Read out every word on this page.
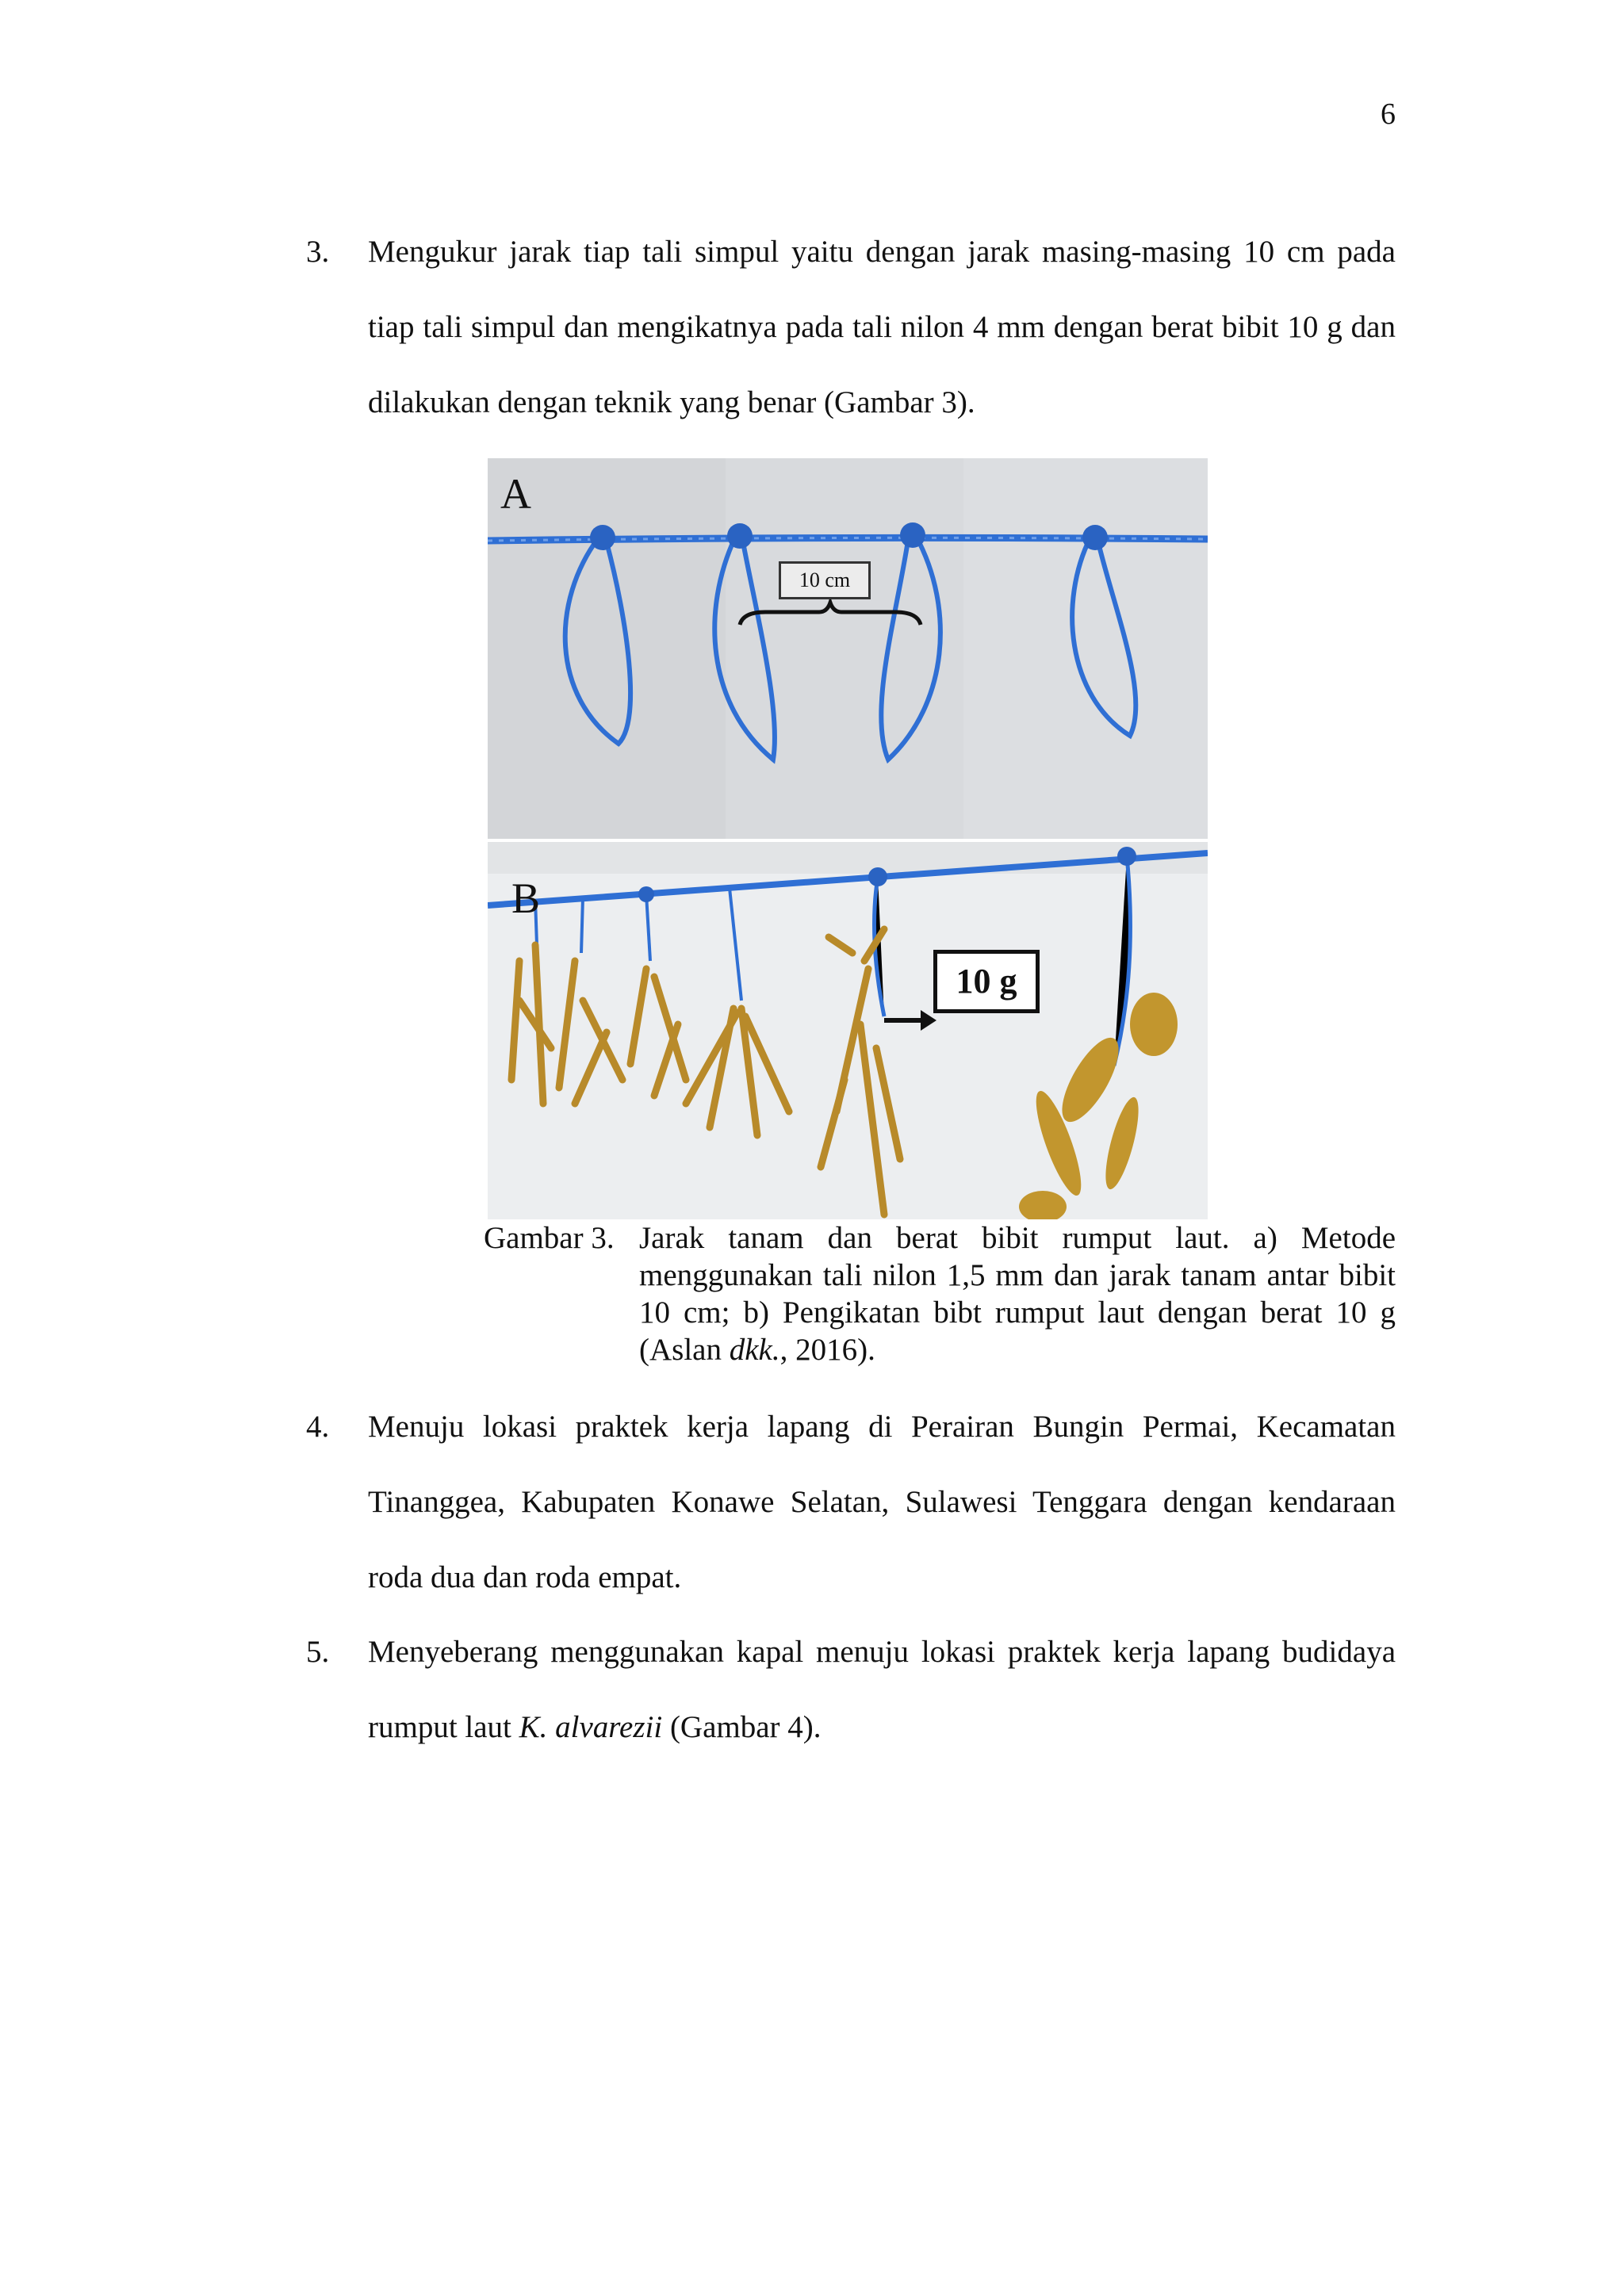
6
3. Mengukur jarak tiap tali simpul yaitu dengan jarak masing-masing 10 cm pada tiap tali simpul dan mengikatnya pada tali nilon 4 mm dengan berat bibit 10 g dan dilakukan dengan teknik yang benar (Gambar 3).
A
10 cm
B
10 g
Gambar 3. Jarak tanam dan berat bibit rumput laut. a) Metode menggunakan tali nilon 1,5 mm dan jarak tanam antar bibit 10 cm; b) Pengikatan bibt rumput laut dengan berat 10 g (Aslan dkk., 2016).
4. Menuju lokasi praktek kerja lapang di Perairan Bungin Permai, Kecamatan Tinanggea, Kabupaten Konawe Selatan, Sulawesi Tenggara dengan kendaraan roda dua dan roda empat.
5. Menyeberang menggunakan kapal menuju lokasi praktek kerja lapang budidaya rumput laut K. alvarezii (Gambar 4).
